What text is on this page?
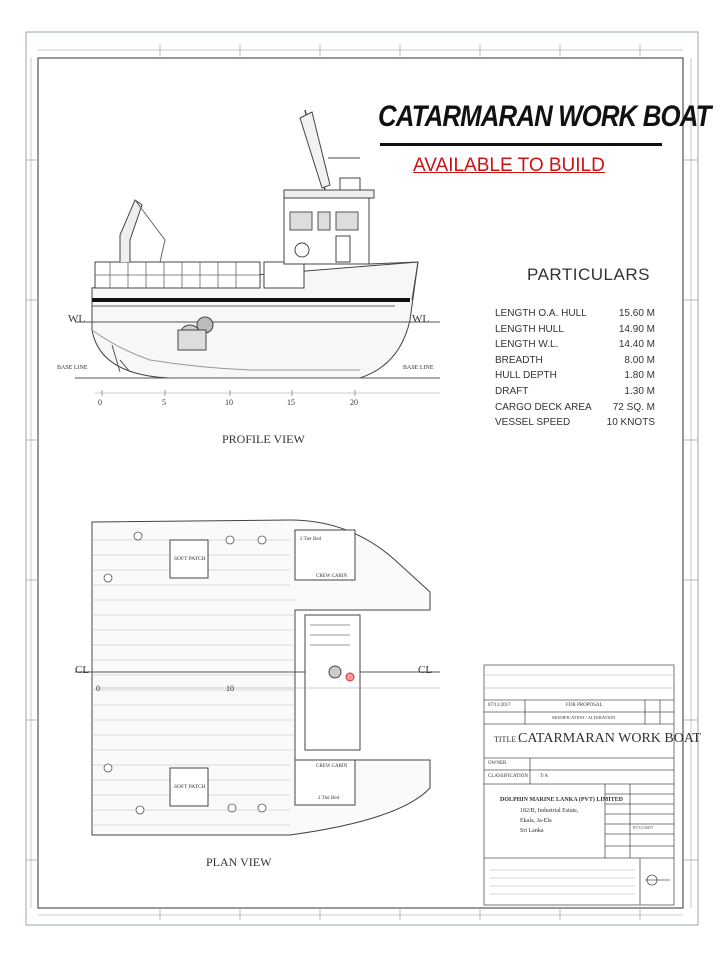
CATARMARAN WORK BOAT
AVAILABLE TO BUILD
PARTICULARS
LENGTH O.A. HULL	15.60 M
LENGTH HULL	14.90 M
LENGTH W.L.	14.40 M
BREADTH	8.00 M
HULL DEPTH	1.80 M
DRAFT	1.30 M
CARGO DECK AREA 72 SQ. M
VESSEL SPEED	10 KNOTS
WL	WL
BASE LINE	BASE LINE
0	5	10	15	20
PROFILE VIEW
CL	CL
0	10
SOFT PATCH
SOFT PATCH
CREW CABIN
CREW CABIN
2 Tier Bed
2 Tier Bed
PLAN VIEW
07/11/2017	FOR PROPOSAL
MODIFICATION / ALTERATION
TITLE :
CATARMARAN WORK BOAT
OWNER
CLASSIFICATION T/A
DOLPHIN MARINE LANKA (PVT) LIMITED
182/B, Industrial Estate,
Ekala, Ja-Ela
Sri Lanka
07/11/2017
